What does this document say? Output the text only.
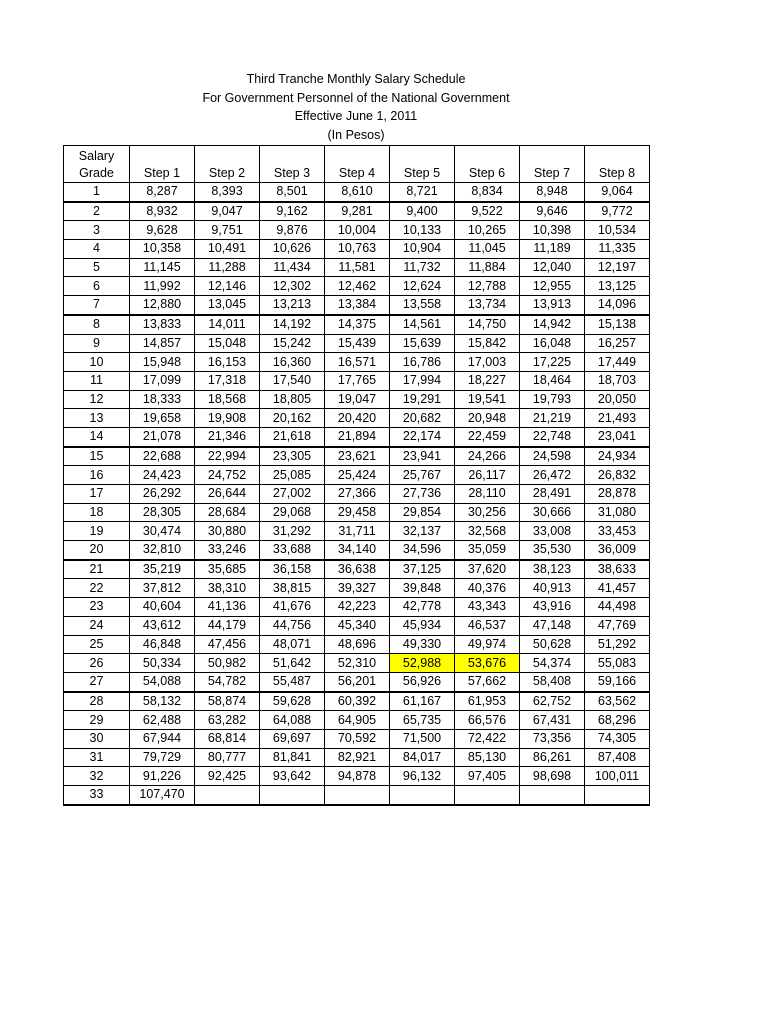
Third Tranche Monthly Salary Schedule
For Government Personnel of the National Government
Effective June 1, 2011
(In Pesos)
Salary
Grade	Step 1	Step 2	Step 3	Step 4	Step 5	Step 6	Step 7	Step 8
1	8,287	8,393	8,501	8,610	8,721	8,834	8,948	9,064
2	8,932	9,047	9,162	9,281	9,400	9,522	9,646	9,772
3	9,628	9,751	9,876	10,004	10,133	10,265	10,398	10,534
4	10,358	10,491	10,626	10,763	10,904	11,045	11,189	11,335
5	11,145	11,288	11,434	11,581	11,732	11,884	12,040	12,197
6	11,992	12,146	12,302	12,462	12,624	12,788	12,955	13,125
7	12,880	13,045	13,213	13,384	13,558	13,734	13,913	14,096
8	13,833	14,011	14,192	14,375	14,561	14,750	14,942	15,138
9	14,857	15,048	15,242	15,439	15,639	15,842	16,048	16,257
10	15,948	16,153	16,360	16,571	16,786	17,003	17,225	17,449
11	17,099	17,318	17,540	17,765	17,994	18,227	18,464	18,703
12	18,333	18,568	18,805	19,047	19,291	19,541	19,793	20,050
13	19,658	19,908	20,162	20,420	20,682	20,948	21,219	21,493
14	21,078	21,346	21,618	21,894	22,174	22,459	22,748	23,041
15	22,688	22,994	23,305	23,621	23,941	24,266	24,598	24,934
16	24,423	24,752	25,085	25,424	25,767	26,117	26,472	26,832
17	26,292	26,644	27,002	27,366	27,736	28,110	28,491	28,878
18	28,305	28,684	29,068	29,458	29,854	30,256	30,666	31,080
19	30,474	30,880	31,292	31,711	32,137	32,568	33,008	33,453
20	32,810	33,246	33,688	34,140	34,596	35,059	35,530	36,009
21	35,219	35,685	36,158	36,638	37,125	37,620	38,123	38,633
22	37,812	38,310	38,815	39,327	39,848	40,376	40,913	41,457
23	40,604	41,136	41,676	42,223	42,778	43,343	43,916	44,498
24	43,612	44,179	44,756	45,340	45,934	46,537	47,148	47,769
25	46,848	47,456	48,071	48,696	49,330	49,974	50,628	51,292
26	50,334	50,982	51,642	52,310	52,988	53,676	54,374	55,083
27	54,088	54,782	55,487	56,201	56,926	57,662	58,408	59,166
28	58,132	58,874	59,628	60,392	61,167	61,953	62,752	63,562
29	62,488	63,282	64,088	64,905	65,735	66,576	67,431	68,296
30	67,944	68,814	69,697	70,592	71,500	72,422	73,356	74,305
31	79,729	80,777	81,841	82,921	84,017	85,130	86,261	87,408
32	91,226	92,425	93,642	94,878	96,132	97,405	98,698	100,011
33	107,470							
